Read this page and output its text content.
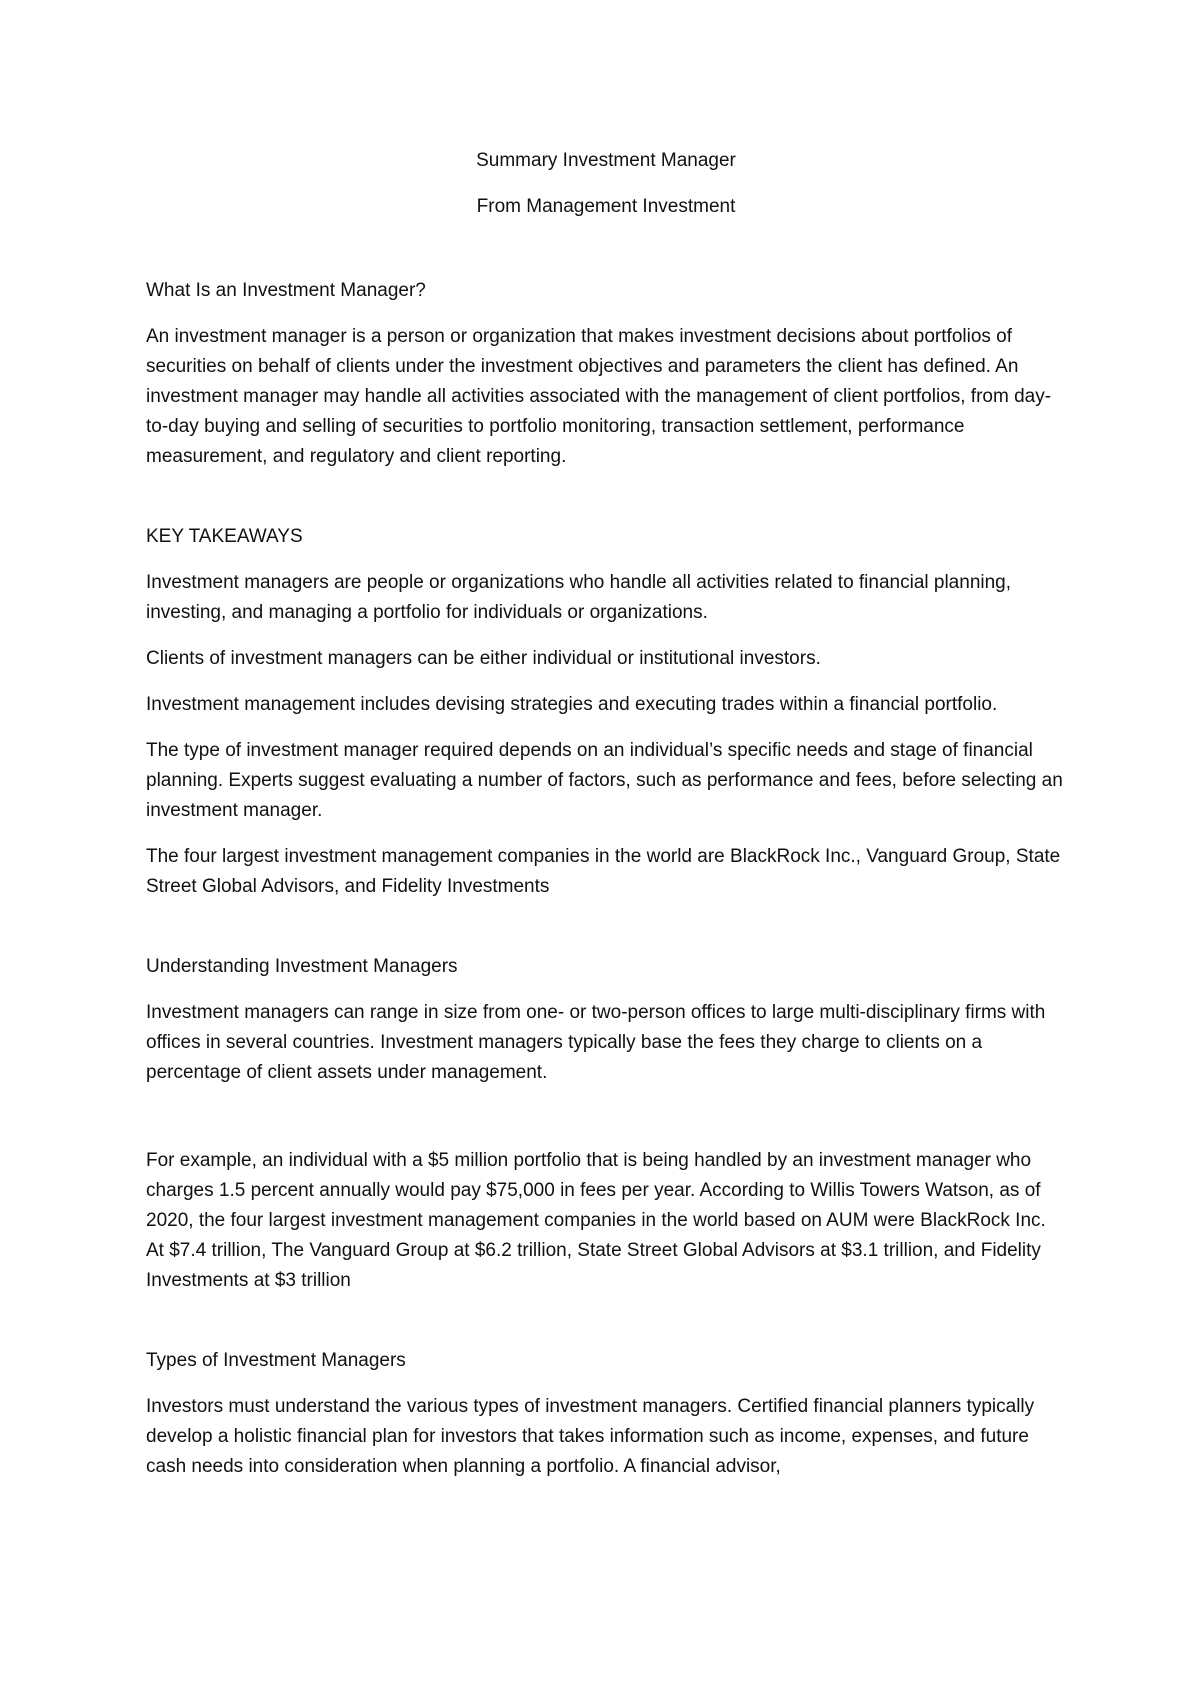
Summary Investment Manager

From Management Investment

What Is an Investment Manager?

An investment manager is a person or organization that makes investment decisions about portfolios of securities on behalf of clients under the investment objectives and parameters the client has defined. An investment manager may handle all activities associated with the management of client portfolios, from day-to-day buying and selling of securities to portfolio monitoring, transaction settlement, performance measurement, and regulatory and client reporting.

KEY TAKEAWAYS

Investment managers are people or organizations who handle all activities related to financial planning, investing, and managing a portfolio for individuals or organizations.

Clients of investment managers can be either individual or institutional investors.

Investment management includes devising strategies and executing trades within a financial portfolio.

The type of investment manager required depends on an individual’s specific needs and stage of financial planning. Experts suggest evaluating a number of factors, such as performance and fees, before selecting an investment manager.

The four largest investment management companies in the world are BlackRock Inc., Vanguard Group, State Street Global Advisors, and Fidelity Investments

Understanding Investment Managers

Investment managers can range in size from one- or two-person offices to large multi-disciplinary firms with offices in several countries. Investment managers typically base the fees they charge to clients on a percentage of client assets under management.

For example, an individual with a $5 million portfolio that is being handled by an investment manager who charges 1.5 percent annually would pay $75,000 in fees per year. According to Willis Towers Watson, as of 2020, the four largest investment management companies in the world based on AUM were BlackRock Inc. At $7.4 trillion, The Vanguard Group at $6.2 trillion, State Street Global Advisors at $3.1 trillion, and Fidelity Investments at $3 trillion

Types of Investment Managers

Investors must understand the various types of investment managers. Certified financial planners typically develop a holistic financial plan for investors that takes information such as income, expenses, and future cash needs into consideration when planning a portfolio. A financial advisor,
